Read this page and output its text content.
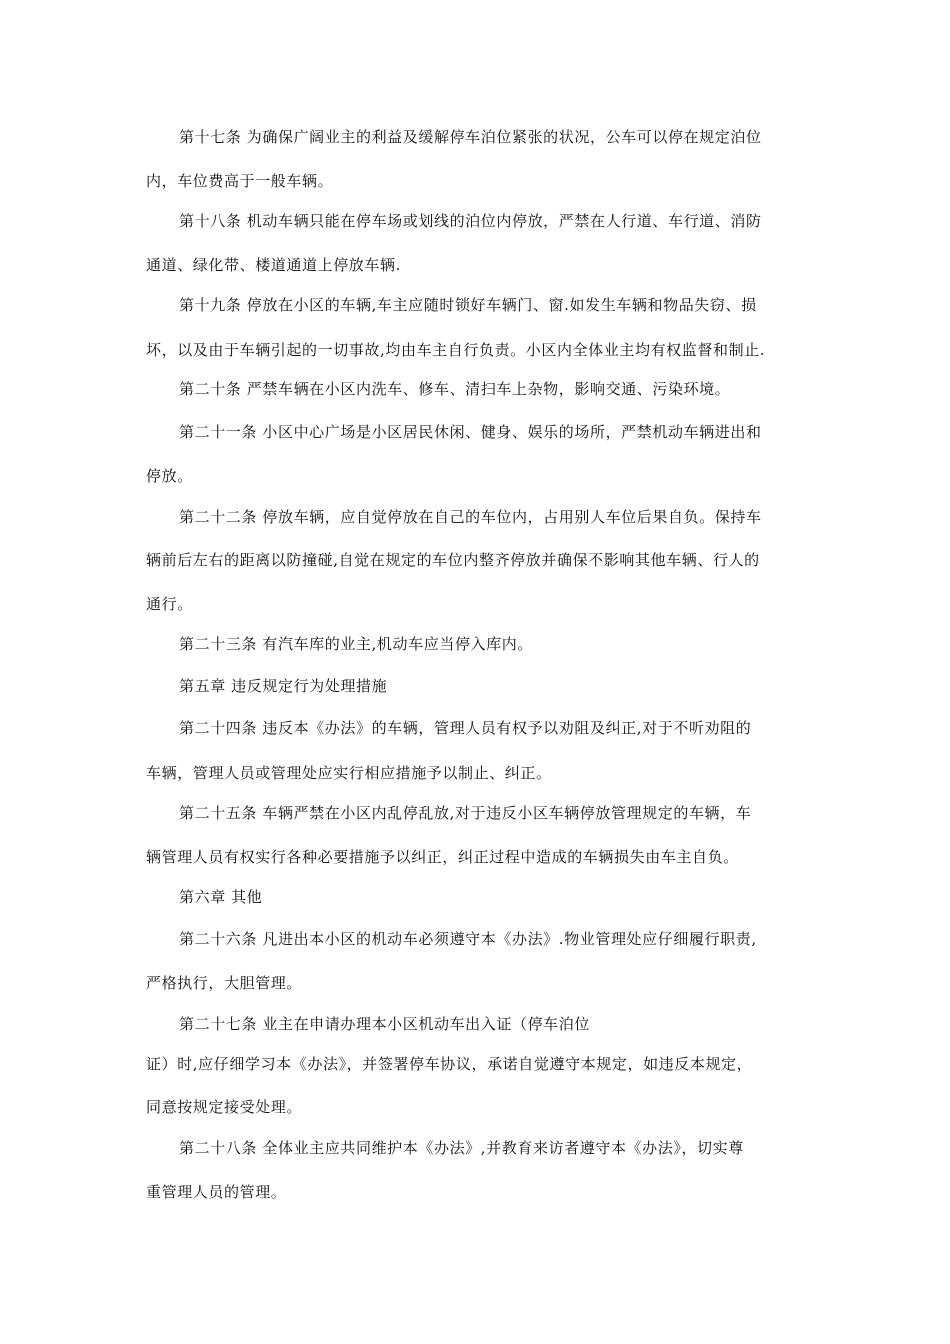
第十七条 为确保广阔业主的利益及缓解停车泊位紧张的状况，公车可以停在规定泊位
内，车位费高于一般车辆。
第十八条 机动车辆只能在停车场或划线的泊位内停放，严禁在人行道、车行道、消防
通道、绿化带、楼道通道上停放车辆.
第十九条 停放在小区的车辆,车主应随时锁好车辆门、窗.如发生车辆和物品失窃、损
坏，以及由于车辆引起的一切事故,均由车主自行负责。小区内全体业主均有权监督和制止.
第二十条 严禁车辆在小区内洗车、修车、清扫车上杂物，影响交通、污染环境。
第二十一条 小区中心广场是小区居民休闲、健身、娱乐的场所，严禁机动车辆进出和
停放。
第二十二条 停放车辆，应自觉停放在自己的车位内，占用别人车位后果自负。保持车
辆前后左右的距离以防撞碰,自觉在规定的车位内整齐停放并确保不影响其他车辆、行人的
通行。
第二十三条 有汽车库的业主,机动车应当停入库内。
第五章 违反规定行为处理措施
第二十四条 违反本《办法》的车辆，管理人员有权予以劝阻及纠正,对于不听劝阻的
车辆，管理人员或管理处应实行相应措施予以制止、纠正。
第二十五条 车辆严禁在小区内乱停乱放,对于违反小区车辆停放管理规定的车辆，车
辆管理人员有权实行各种必要措施予以纠正，纠正过程中造成的车辆损失由车主自负。
第六章 其他
第二十六条 凡进出本小区的机动车必须遵守本《办法》.物业管理处应仔细履行职责,
严格执行，大胆管理。
第二十七条 业主在申请办理本小区机动车出入证（停车泊位
证）时,应仔细学习本《办法》，并签署停车协议，承诺自觉遵守本规定，如违反本规定，
同意按规定接受处理。
第二十八条 全体业主应共同维护本《办法》,并教育来访者遵守本《办法》，切实尊
重管理人员的管理。
